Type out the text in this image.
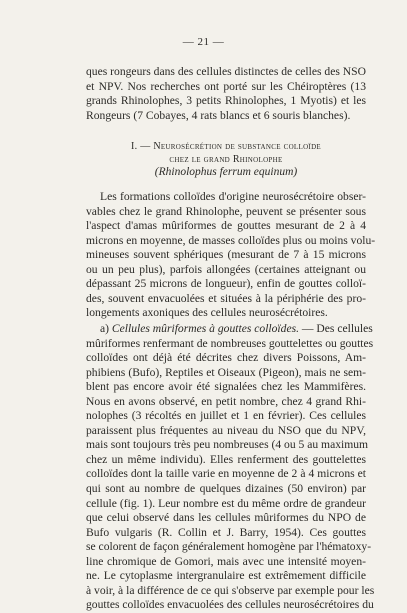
— 21 —
ques rongeurs dans des cellules distinctes de celles des NSO
et NPV. Nos recherches ont porté sur les Chéiroptères (13
grands Rhinolophes, 3 petits Rhinolophes, 1 Myotis) et les
Rongeurs (7 Cobayes, 4 rats blancs et 6 souris blanches).
I. — Neurosécrétion de substance colloïde
chez le grand Rhinolophe
(Rhinolophus ferrum equinum)
Les formations colloïdes d'origine neurosécrétoire obser-
vables chez le grand Rhinolophe, peuvent se présenter sous
l'aspect d'amas mûriformes de gouttes mesurant de 2 à 4
microns en moyenne, de masses colloïdes plus ou moins volu-
mineuses souvent sphériques (mesurant de 7 à 15 microns
ou un peu plus), parfois allongées (certaines atteignant ou
dépassant 25 microns de longueur), enfin de gouttes colloï-
des, souvent envacuolées et situées à la périphérie des pro-
longements axoniques des cellules neurosécrétoires.
a) Cellules mûriformes à gouttes colloïdes. — Des cellules
mûriformes renfermant de nombreuses gouttelettes ou gouttes
colloïdes ont déjà été décrites chez divers Poissons, Am-
phibiens (Bufo), Reptiles et Oiseaux (Pigeon), mais ne sem-
blent pas encore avoir été signalées chez les Mammifères.
Nous en avons observé, en petit nombre, chez 4 grand Rhi-
nolophes (3 récoltés en juillet et 1 en février). Ces cellules
paraissent plus fréquentes au niveau du NSO que du NPV,
mais sont toujours très peu nombreuses (4 ou 5 au maximum
chez un même individu). Elles renferment des gouttelettes
colloïdes dont la taille varie en moyenne de 2 à 4 microns et
qui sont au nombre de quelques dizaines (50 environ) par
cellule (fig. 1). Leur nombre est du même ordre de grandeur
que celui observé dans les cellules mûriformes du NPO de
Bufo vulgaris (R. Collin et J. Barry, 1954). Ces gouttes
se colorent de façon généralement homogène par l'hématoxy-
line chromique de Gomori, mais avec une intensité moyen-
ne. Le cytoplasme intergranulaire est extrêmement difficile
à voir, à la différence de ce qui s'observe par exemple pour les
gouttes colloïdes envacuolées des cellules neurosécrétoires du
